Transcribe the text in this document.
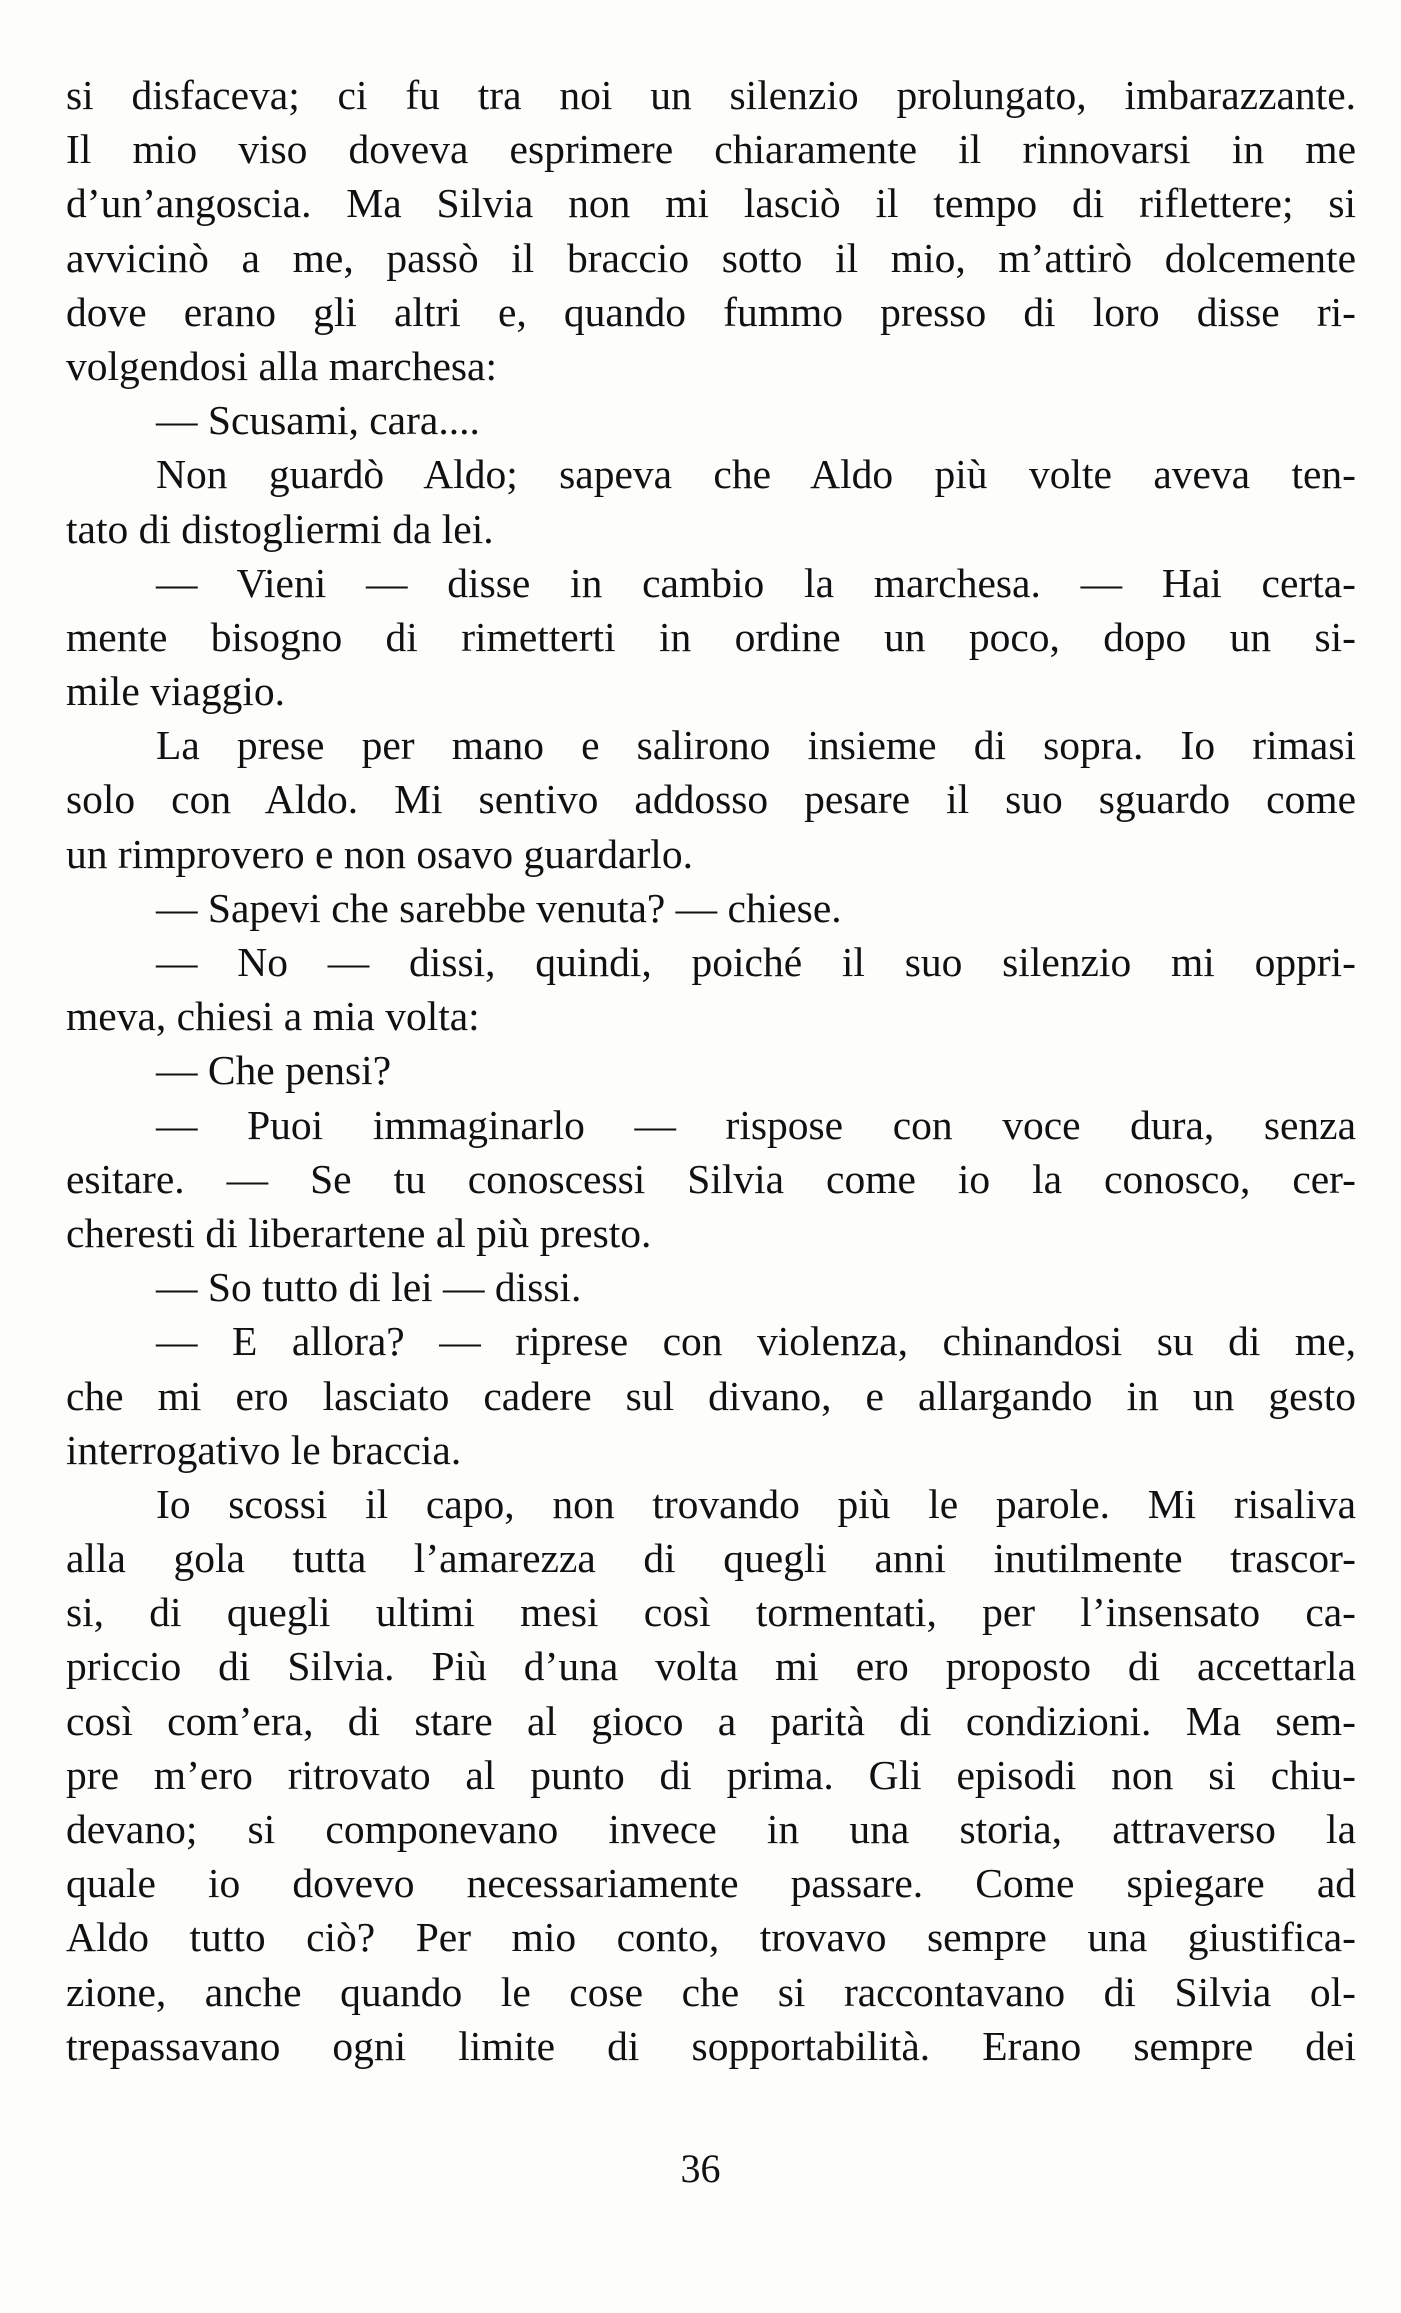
si disfaceva; ci fu tra noi un silenzio prolungato, imbarazzante.
Il mio viso doveva esprimere chiaramente il rinnovarsi in me
d’un’angoscia. Ma Silvia non mi lasciò il tempo di riflettere; si
avvicinò a me, passò il braccio sotto il mio, m’attirò dolcemente
dove erano gli altri e, quando fummo presso di loro disse ri-
volgendosi alla marchesa:
— Scusami, cara....
Non guardò Aldo; sapeva che Aldo più volte aveva ten-
tato di distogliermi da lei.
— Vieni — disse in cambio la marchesa. — Hai certa-
mente bisogno di rimetterti in ordine un poco, dopo un si-
mile viaggio.
La prese per mano e salirono insieme di sopra. Io rimasi
solo con Aldo. Mi sentivo addosso pesare il suo sguardo come
un rimprovero e non osavo guardarlo.
— Sapevi che sarebbe venuta? — chiese.
— No — dissi, quindi, poiché il suo silenzio mi oppri-
meva, chiesi a mia volta:
— Che pensi?
— Puoi immaginarlo — rispose con voce dura, senza
esitare. — Se tu conoscessi Silvia come io la conosco, cer-
cheresti di liberartene al più presto.
— So tutto di lei — dissi.
— E allora? — riprese con violenza, chinandosi su di me,
che mi ero lasciato cadere sul divano, e allargando in un gesto
interrogativo le braccia.
Io scossi il capo, non trovando più le parole. Mi risaliva
alla gola tutta l’amarezza di quegli anni inutilmente trascor-
si, di quegli ultimi mesi così tormentati, per l’insensato ca-
priccio di Silvia. Più d’una volta mi ero proposto di accettarla
così com’era, di stare al gioco a parità di condizioni. Ma sem-
pre m’ero ritrovato al punto di prima. Gli episodi non si chiu-
devano; si componevano invece in una storia, attraverso la
quale io dovevo necessariamente passare. Come spiegare ad
Aldo tutto ciò? Per mio conto, trovavo sempre una giustifica-
zione, anche quando le cose che si raccontavano di Silvia ol-
trepassavano ogni limite di sopportabilità. Erano sempre dei
36
